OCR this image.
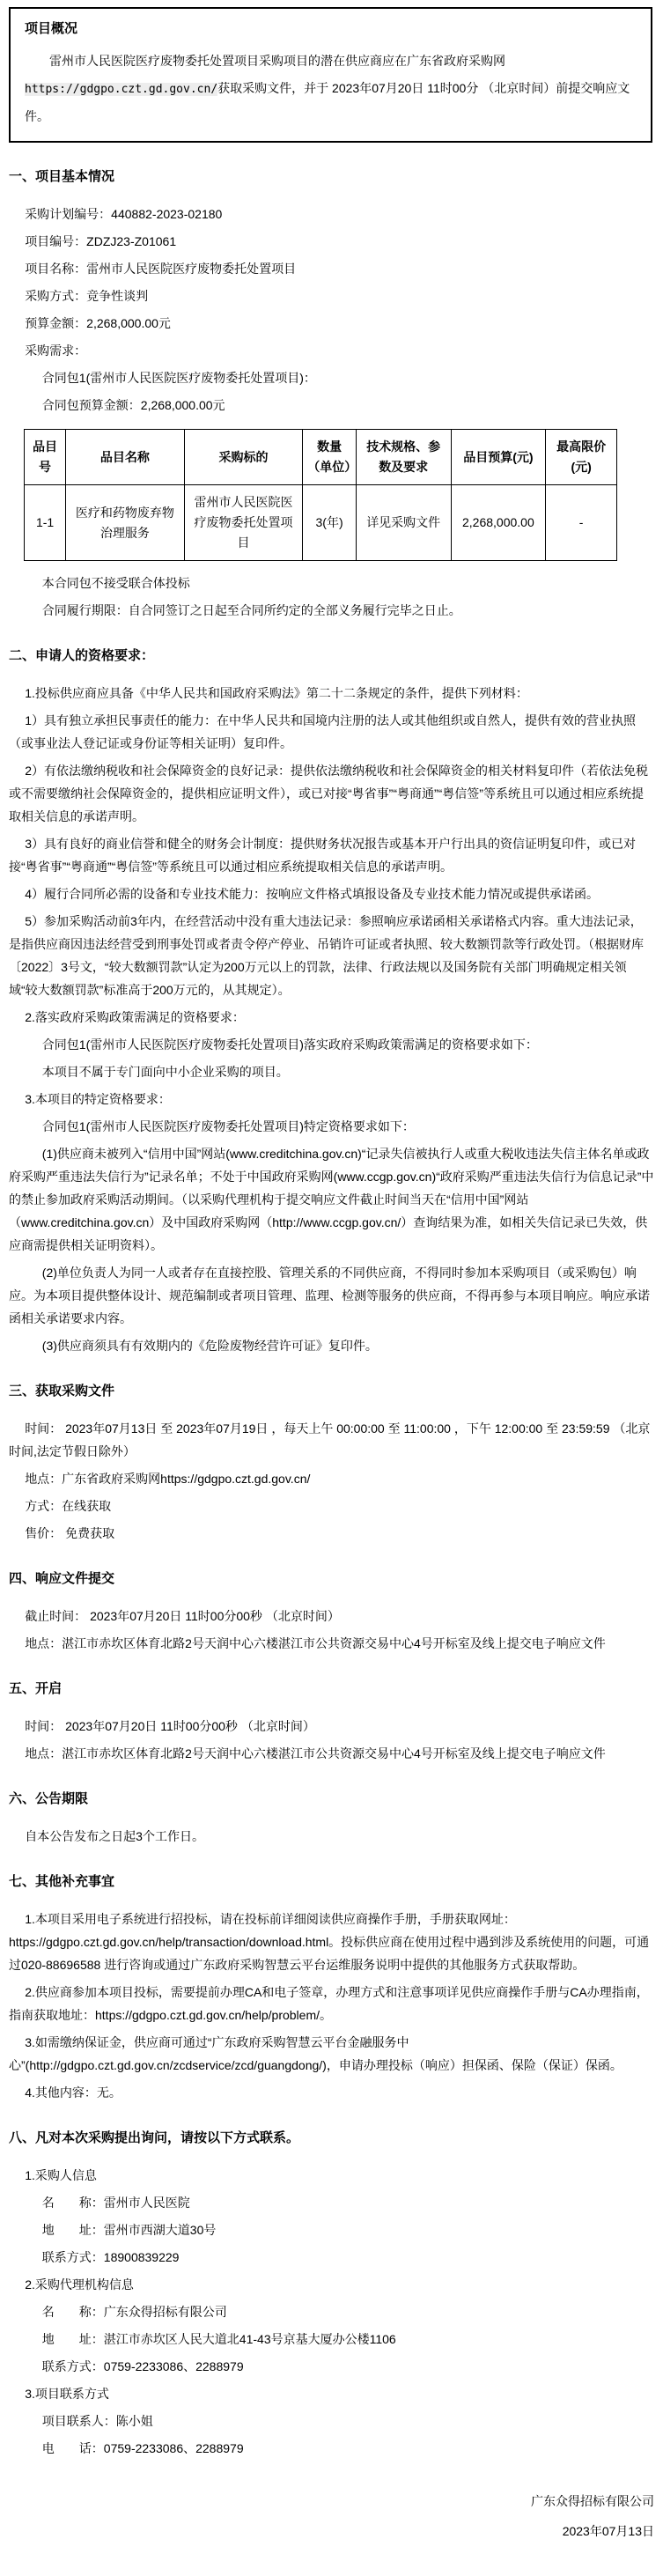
项目概况

雷州市人民医院医疗废物委托处置项目采购项目的潜在供应商应在广东省政府采购网https://gdgpo.czt.gd.gov.cn/获取采购文件，并于 2023年07月20日 11时00分 （北京时间）前提交响应文件。

一、项目基本情况

采购计划编号：440882-2023-02180

项目编号：ZDZJ23-Z01061

项目名称：雷州市人民医院医疗废物委托处置项目

采购方式：竞争性谈判

预算金额：2,268,000.00元

采购需求：

合同包1(雷州市人民医院医疗废物委托处置项目)：

合同包预算金额：2,268,000.00元

品目号	品目名称	采购标的	数量（单位）	技术规格、参数及要求	品目预算(元)	最高限价(元)
1-1	医疗和药物废弃物治理服务	雷州市人民医院医疗废物委托处置项目	3(年)	详见采购文件	2,268,000.00	-

本合同包不接受联合体投标

合同履行期限：自合同签订之日起至合同所约定的全部义务履行完毕之日止。

二、申请人的资格要求：

1.投标供应商应具备《中华人民共和国政府采购法》第二十二条规定的条件，提供下列材料：

1）具有独立承担民事责任的能力：在中华人民共和国境内注册的法人或其他组织或自然人，提供有效的营业执照（或事业法人登记证或身份证等相关证明）复印件。

2）有依法缴纳税收和社会保障资金的良好记录：提供依法缴纳税收和社会保障资金的相关材料复印件（若依法免税或不需要缴纳社会保障资金的，提供相应证明文件），或已对接“粤省事”“粤商通”“粤信签”等系统且可以通过相应系统提取相关信息的承诺声明。

3）具有良好的商业信誉和健全的财务会计制度：提供财务状况报告或基本开户行出具的资信证明复印件，或已对接“粤省事”“粤商通”“粤信签”等系统且可以通过相应系统提取相关信息的承诺声明。

4）履行合同所必需的设备和专业技术能力：按响应文件格式填报设备及专业技术能力情况或提供承诺函。

5）参加采购活动前3年内，在经营活动中没有重大违法记录：参照响应承诺函相关承诺格式内容。重大违法记录，是指供应商因违法经营受到刑事处罚或者责令停产停业、吊销许可证或者执照、较大数额罚款等行政处罚。（根据财库〔2022〕3号文，“较大数额罚款”认定为200万元以上的罚款，法律、行政法规以及国务院有关部门明确规定相关领域“较大数额罚款”标准高于200万元的，从其规定）。

2.落实政府采购政策需满足的资格要求：

合同包1(雷州市人民医院医疗废物委托处置项目)落实政府采购政策需满足的资格要求如下：

本项目不属于专门面向中小企业采购的项目。

3.本项目的特定资格要求：

合同包1(雷州市人民医院医疗废物委托处置项目)特定资格要求如下：

(1)供应商未被列入“信用中国”网站(www.creditchina.gov.cn)“记录失信被执行人或重大税收违法失信主体名单或政府采购严重违法失信行为”记录名单；不处于中国政府采购网(www.ccgp.gov.cn)“政府采购严重违法失信行为信息记录”中的禁止参加政府采购活动期间。（以采购代理机构于提交响应文件截止时间当天在“信用中国”网站（www.creditchina.gov.cn）及中国政府采购网（http://www.ccgp.gov.cn/）查询结果为准，如相关失信记录已失效，供应商需提供相关证明资料）。

(2)单位负责人为同一人或者存在直接控股、管理关系的不同供应商，不得同时参加本采购项目（或采购包）响应。为本项目提供整体设计、规范编制或者项目管理、监理、检测等服务的供应商，不得再参与本项目响应。响应承诺函相关承诺要求内容。

(3)供应商须具有有效期内的《危险废物经营许可证》复印件。

三、获取采购文件

时间： 2023年07月13日 至 2023年07月19日 ，每天上午 00:00:00 至 11:00:00 ，下午 12:00:00 至 23:59:59 （北京时间,法定节假日除外）

地点：广东省政府采购网https://gdgpo.czt.gd.gov.cn/

方式：在线获取

售价： 免费获取

四、响应文件提交

截止时间： 2023年07月20日 11时00分00秒 （北京时间）

地点：湛江市赤坎区体育北路2号天润中心六楼湛江市公共资源交易中心4号开标室及线上提交电子响应文件

五、开启

时间： 2023年07月20日 11时00分00秒 （北京时间）

地点：湛江市赤坎区体育北路2号天润中心六楼湛江市公共资源交易中心4号开标室及线上提交电子响应文件

六、公告期限

自本公告发布之日起3个工作日。

七、其他补充事宜

1.本项目采用电子系统进行招投标，请在投标前详细阅读供应商操作手册，手册获取网址：https://gdgpo.czt.gd.gov.cn/help/transaction/download.html。投标供应商在使用过程中遇到涉及系统使用的问题，可通过020-88696588 进行咨询或通过广东政府采购智慧云平台运维服务说明中提供的其他服务方式获取帮助。

2.供应商参加本项目投标，需要提前办理CA和电子签章，办理方式和注意事项详见供应商操作手册与CA办理指南，指南获取地址：https://gdgpo.czt.gd.gov.cn/help/problem/。

3.如需缴纳保证金，供应商可通过“广东政府采购智慧云平台金融服务中心”(http://gdgpo.czt.gd.gov.cn/zcdservice/zcd/guangdong/)，申请办理投标（响应）担保函、保险（保证）保函。

4.其他内容：无。

八、凡对本次采购提出询问，请按以下方式联系。

1.采购人信息

名　　称：雷州市人民医院

地　　址：雷州市西湖大道30号

联系方式：18900839229

2.采购代理机构信息

名　　称：广东众得招标有限公司

地　　址：湛江市赤坎区人民大道北41-43号京基大厦办公楼1106

联系方式：0759-2233086、2288979

3.项目联系方式

项目联系人：陈小姐

电　　话：0759-2233086、2288979

广东众得招标有限公司
2023年07月13日
